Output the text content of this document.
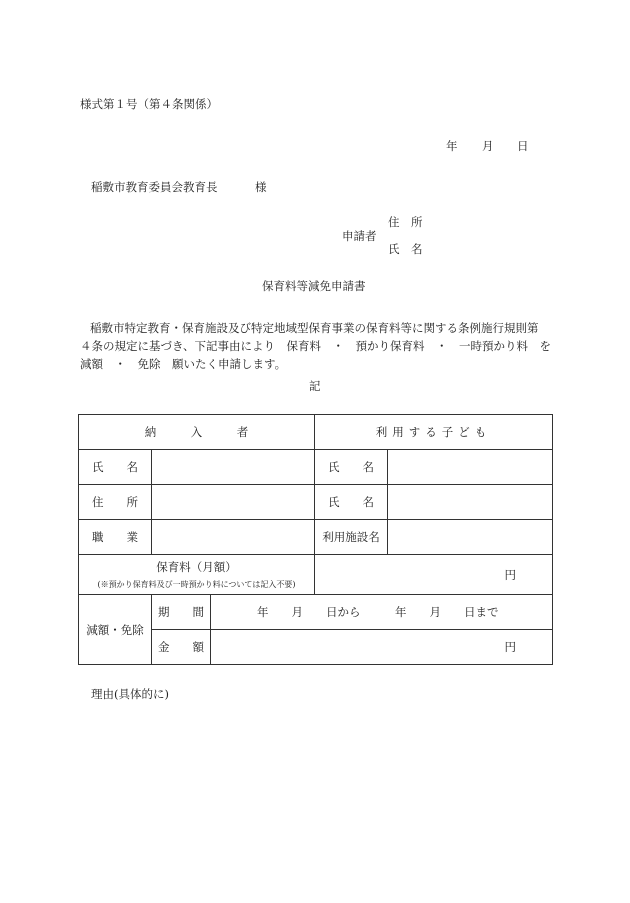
様式第１号（第４条関係）
年 月 日
稲敷市教育委員会教育長	様
住　所
申請者
氏　名
保育料等減免申請書
稲敷市特定教育・保育施設及び特定地域型保育事業の保育料等に関する条例施行規則第
４条の規定に基づき、下記事由により　保育料　・　預かり保育料　・　一時預かり料　を
減額　・　免除　願いたく申請します。
記
納　　　入　　　者			利用する子ども	
氏　　名			氏　　名	
住　　所			氏　　名	
職　　業			利用施設名	

保育料（月額）
(※預かり保育料及び一時預かり料については記入不要)			円	
減額・免除	期　　間	年　　月　　日から　　　年　　月　　日まで		
	金　　額	円		
理由(具体的に)
